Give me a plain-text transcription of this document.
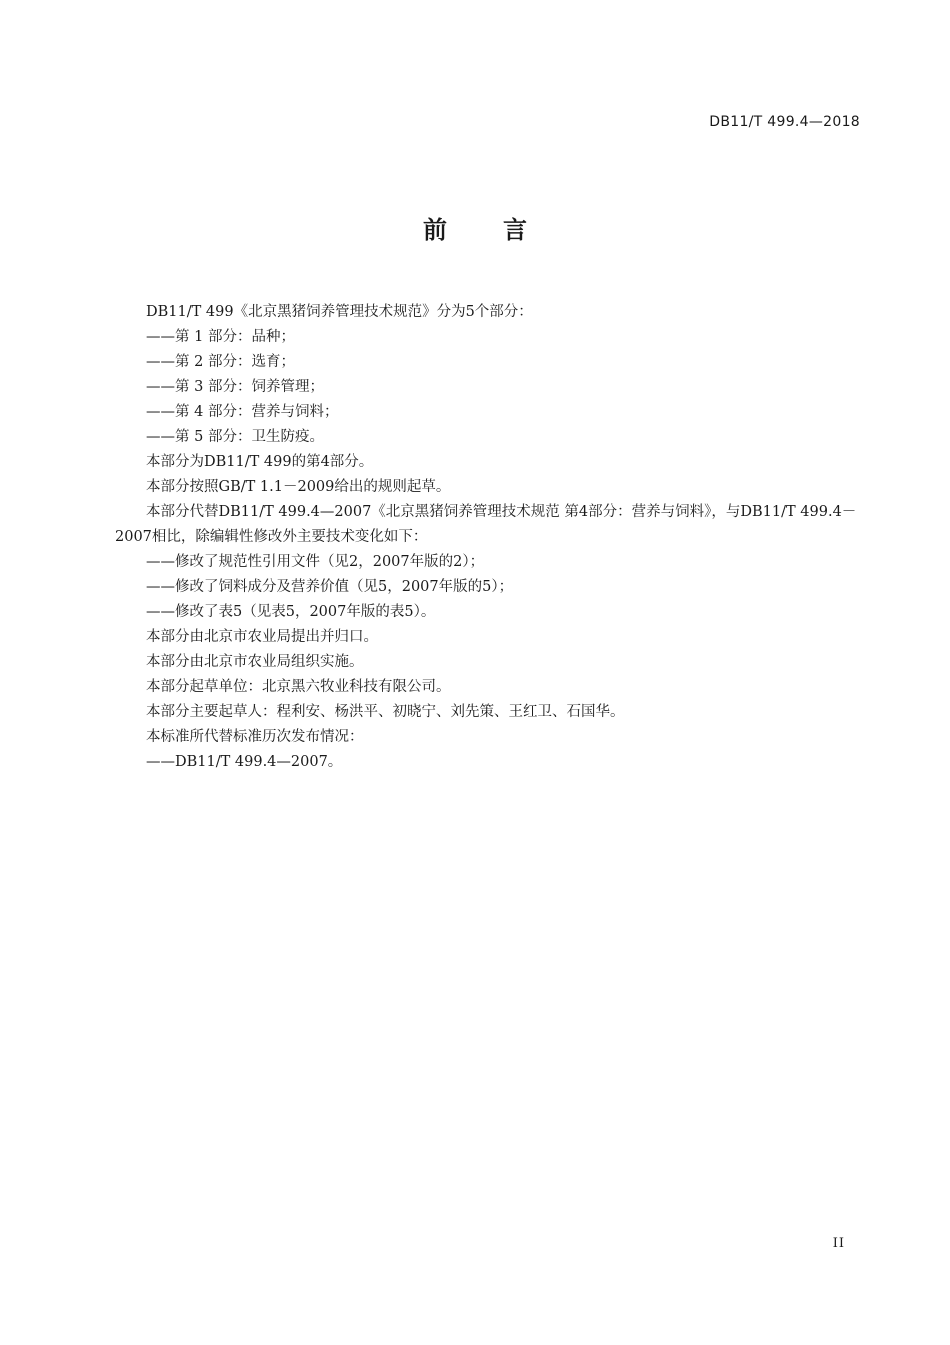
DB11/T 499.4—2018
前言

DB11/T 499《北京黑猪饲养管理技术规范》分为5个部分：

——第 1 部分：品种；

——第 2 部分：选育；

——第 3 部分：饲养管理；

——第 4 部分：营养与饲料；

——第 5 部分：卫生防疫。

本部分为DB11/T 499的第4部分。

本部分按照GB/T 1.1－2009给出的规则起草。

本部分代替DB11/T 499.4—2007《北京黑猪饲养管理技术规范 第4部分：营养与饲料》，与DB11/T 499.4－2007相比，除编辑性修改外主要技术变化如下：

——修改了规范性引用文件（见2，2007年版的2）；

——修改了饲料成分及营养价值（见5，2007年版的5）；

——修改了表5（见表5，2007年版的表5）。

本部分由北京市农业局提出并归口。

本部分由北京市农业局组织实施。

本部分起草单位：北京黑六牧业科技有限公司。

本部分主要起草人：程利安、杨洪平、初晓宁、刘先策、王红卫、石国华。

本标准所代替标准历次发布情况：

——DB11/T 499.4—2007。

II
